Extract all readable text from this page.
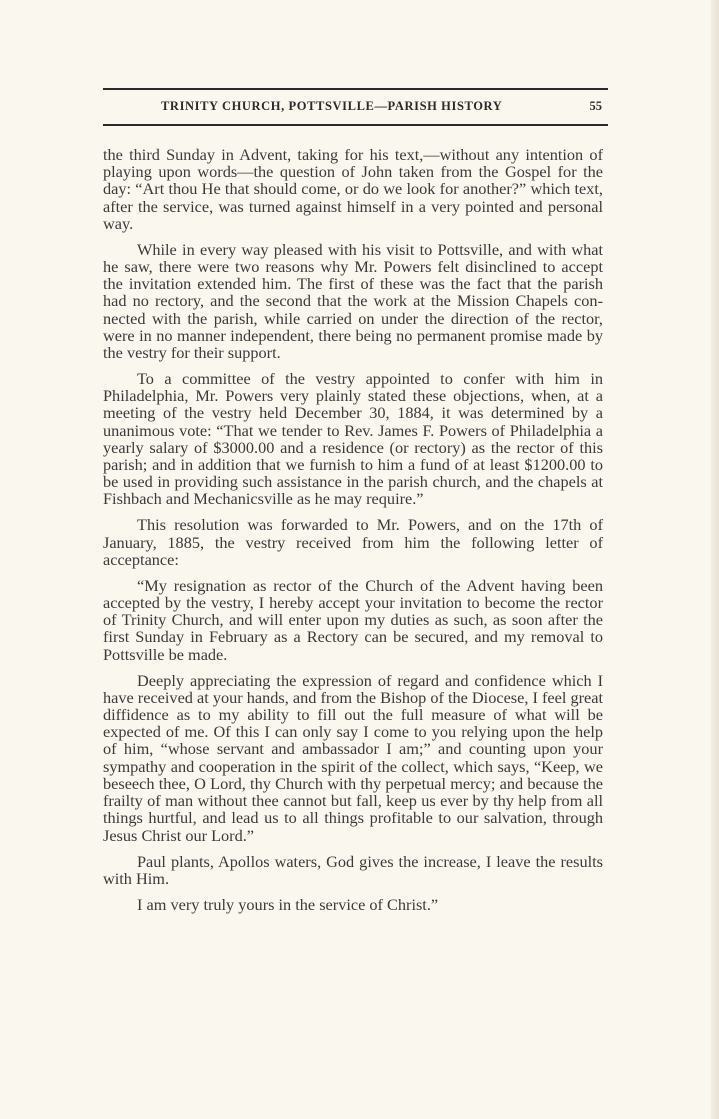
TRINITY CHURCH, POTTSVILLE—PARISH HISTORY	55

the third Sunday in Advent, taking for his text,—without any intention of playing upon words—the question of John taken from the Gospel for the day: “Art thou He that should come, or do we look for another?” which text, after the service, was turned against himself in a very pointed and personal way.

While in every way pleased with his visit to Pottsville, and with what he saw, there were two reasons why Mr. Powers felt disinclined to accept the invitation extended him. The first of these was the fact that the parish had no rectory, and the second that the work at the Mission Chapels connected with the parish, while carried on under the direction of the rector, were in no manner independent, there being no permanent promise made by the vestry for their support.

To a committee of the vestry appointed to confer with him in Philadelphia, Mr. Powers very plainly stated these objections, when, at a meeting of the vestry held December 30, 1884, it was determined by a unanimous vote: “That we tender to Rev. James F. Powers of Philadelphia a yearly salary of $3000.00 and a residence (or rectory) as the rector of this parish; and in addition that we furnish to him a fund of at least $1200.00 to be used in providing such assistance in the parish church, and the chapels at Fishbach and Mechanicsville as he may require.”

This resolution was forwarded to Mr. Powers, and on the 17th of January, 1885, the vestry received from him the following letter of acceptance:

“My resignation as rector of the Church of the Advent having been accepted by the vestry, I hereby accept your invitation to become the rector of Trinity Church, and will enter upon my duties as such, as soon after the first Sunday in February as a Rectory can be secured, and my removal to Pottsville be made.

Deeply appreciating the expression of regard and confidence which I have received at your hands, and from the Bishop of the Diocese, I feel great diffidence as to my ability to fill out the full measure of what will be expected of me. Of this I can only say I come to you relying upon the help of him, “whose servant and ambassador I am;” and counting upon your sympathy and cooperation in the spirit of the collect, which says, “Keep, we beseech thee, O Lord, thy Church with thy perpetual mercy; and because the frailty of man without thee cannot but fall, keep us ever by thy help from all things hurtful, and lead us to all things profitable to our salvation, through Jesus Christ our Lord.”

Paul plants, Apollos waters, God gives the increase, I leave the results with Him.

I am very truly yours in the service of Christ.”
